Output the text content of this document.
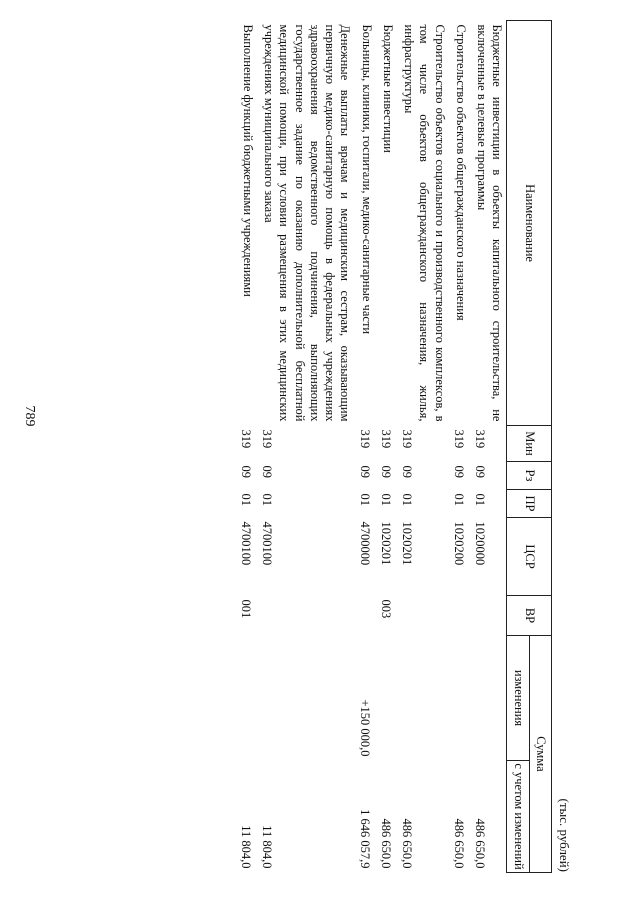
789
(тыс. рублей)
Наименование	Мин	Рз	ПР	ЦСР	ВР	Сумма	
						изменения	с учетом изменений
Бюджетные инвестиции в объекты капитального строительства, не включенные в целевые программы	319	09	01	1020000			486 650,0
Строительство объектов общегражданского назначения	319	09	01	1020200			486 650,0
Строительство объектов социального и производственного комплексов, в том числе объектов общегражданского назначения, жилья, инфраструктуры	319	09	01	1020201			486 650,0
Бюджетные инвестиции	319	09	01	1020201	003		486 650,0
Больницы, клиники, госпитали, медико-санитарные части	319	09	01	4700000		+150 000,0	1 646 057,9
Денежные выплаты врачам и медицинским сестрам, оказывающим первичную медико-санитарную помощь в федеральных учреждениях здравоохранения ведомственного подчинения, выполняющих государственное задание по оказанию дополнительной бесплатной медицинской помощи, при условии размещения в этих медицинских учреждениях муниципального заказа	319	09	01	4700100			11 804,0
Выполнение функций бюджетными учреждениями	319	09	01	4700100	001		11 804,0
